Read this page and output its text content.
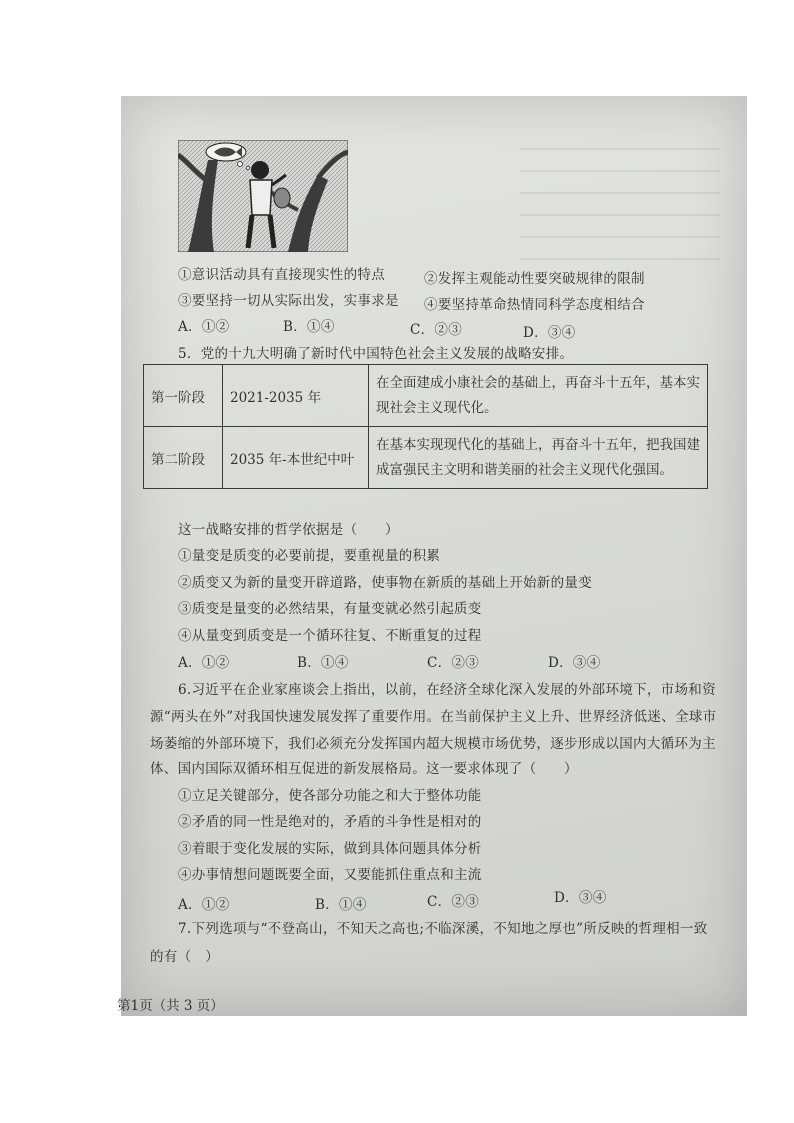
①意识活动具有直接现实性的特点	②发挥主观能动性要突破规律的限制
③要坚持一切从实际出发，实事求是 ④要坚持革命热情同科学态度相结合
A．①②	B．①④	C．②③	D．③④
5．党的十九大明确了新时代中国特色社会主义发展的战略安排。
第一阶段	2021-2035 年	在全面建成小康社会的基础上，再奋斗十五年，基本实现社会主义现代化。
第二阶段	2035 年-本世纪中叶	在基本实现现代化的基础上，再奋斗十五年，把我国建成富强民主文明和谐美丽的社会主义现代化强国。
这一战略安排的哲学依据是（　　）
①量变是质变的必要前提，要重视量的积累
②质变又为新的量变开辟道路，使事物在新质的基础上开始新的量变
③质变是量变的必然结果，有量变就必然引起质变
④从量变到质变是一个循环往复、不断重复的过程
A．①②	B．①④	C．②③	D．③④
6.习近平在企业家座谈会上指出，以前，在经济全球化深入发展的外部环境下，市场和资
源“两头在外”对我国快速发展发挥了重要作用。在当前保护主义上升、世界经济低迷、全球市
场萎缩的外部环境下，我们必须充分发挥国内超大规模市场优势，逐步形成以国内大循环为主
体、国内国际双循环相互促进的新发展格局。这一要求体现了（　　）
①立足关键部分，使各部分功能之和大于整体功能
②矛盾的同一性是绝对的，矛盾的斗争性是相对的
③着眼于变化发展的实际，做到具体问题具体分析
④办事情想问题既要全面，又要能抓住重点和主流
A．①②	B．①④	C．②③	D．③④
7.下列选项与“不登高山，不知天之高也;不临深溪，不知地之厚也”所反映的哲理相一致
的有（　）
第1页（共 3 页）
